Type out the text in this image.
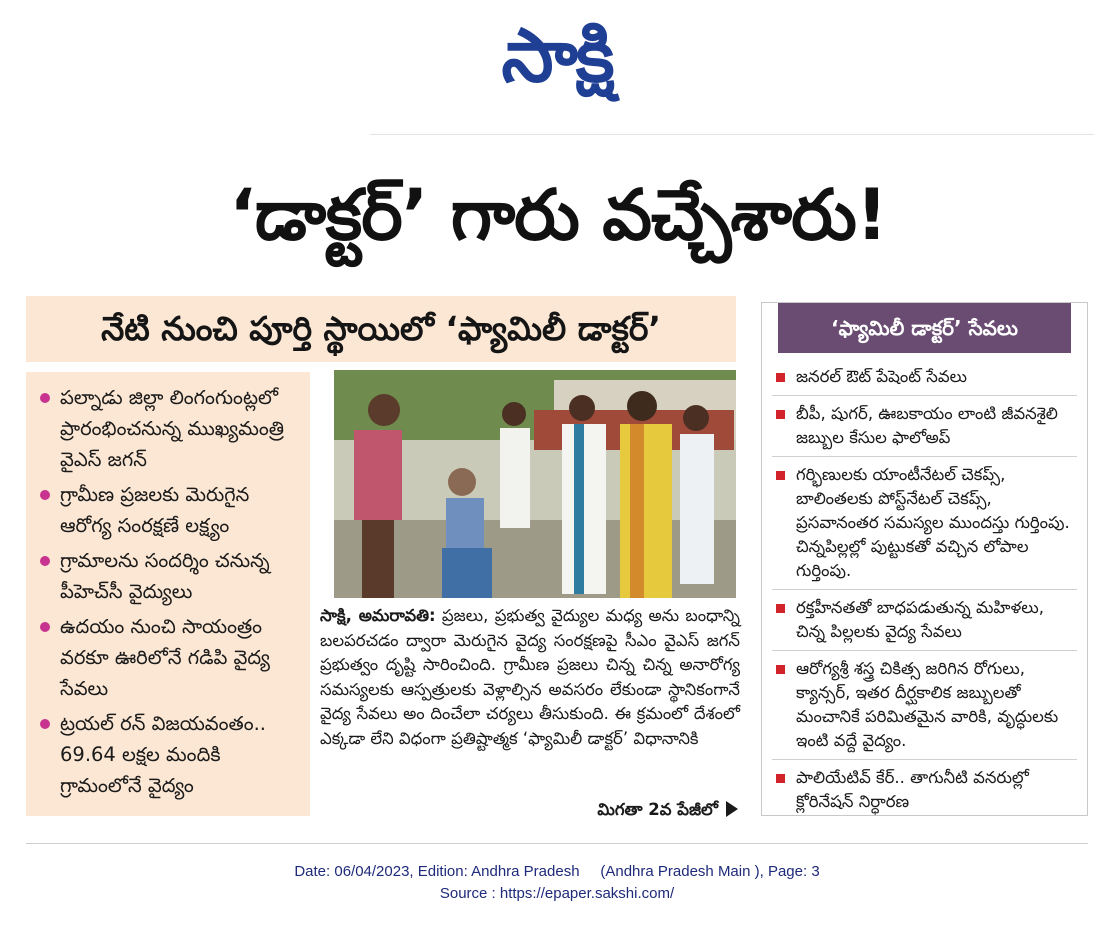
సాక్షి
‘డాక్టర్’ గారు వచ్చేశారు!
నేటి నుంచి పూర్తి స్థాయిలో ‘ఫ్యామిలీ డాక్టర్’
పల్నాడు జిల్లా లింగంగుంట్లలో ప్రారంభించనున్న ముఖ్యమంత్రి వైఎస్ జగన్
గ్రామీణ ప్రజలకు మెరుగైన ఆరోగ్య సంరక్షణే లక్ష్యం
గ్రామాలను సందర్శిం చనున్న పీహెచ్‌సీ వైద్యులు
ఉదయం నుంచి సాయంత్రం వరకూ ఊరిలోనే గడిపి వైద్య సేవలు
ట్రయల్ రన్ విజయవంతం.. 69.64 లక్షల మందికి గ్రామంలోనే వైద్యం
సాక్షి, అమరావతి: ప్రజలు, ప్రభుత్వ వైద్యుల మధ్య అను బంధాన్ని బలపరచడం ద్వారా మెరుగైన వైద్య సంరక్షణపై సీఎం వైఎస్ జగన్ ప్రభుత్వం దృష్టి సారించింది. గ్రామీణ ప్రజలు చిన్న చిన్న అనారోగ్య సమస్యలకు ఆస్పత్రులకు వెళ్లాల్సిన అవసరం లేకుండా స్థానికంగానే వైద్య సేవలు అం దించేలా చర్యలు తీసుకుంది. ఈ క్రమంలో దేశంలో ఎక్కడా లేని విధంగా ప్రతిష్టాత్మక ‘ఫ్యామిలీ డాక్టర్’ విధానానికి
మిగతా 2వ పేజీలో
‘ఫ్యామిలీ డాక్టర్’ సేవలు
జనరల్ ఔట్ పేషెంట్ సేవలు
బీపీ, షుగర్, ఊబకాయం లాంటి జీవనశైలి జబ్బుల కేసుల ఫాలోఅప్
గర్భిణులకు యాంటీనేటల్ చెకప్స్, బాలింతలకు పోస్ట్‌నేటల్ చెకప్స్, ప్రసవానంతర సమస్యల ముందస్తు గుర్తింపు. చిన్నపిల్లల్లో పుట్టుకతో వచ్చిన లోపాల గుర్తింపు.
రక్తహీనతతో బాధపడుతున్న మహిళలు, చిన్న పిల్లలకు వైద్య సేవలు
ఆరోగ్యశ్రీ శస్త్ర చికిత్స జరిగిన రోగులు, క్యాన్సర్, ఇతర దీర్ఘకాలిక జబ్బులతో మంచానికే పరిమితమైన వారికి, వృద్ధులకు ఇంటి వద్దే వైద్యం.
పాలియేటివ్ కేర్.. తాగునీటి వనరుల్లో క్లోరినేషన్ నిర్ధారణ
Date: 06/04/2023, Edition: Andhra Pradesh     (Andhra Pradesh Main ), Page: 3
Source : https://epaper.sakshi.com/
